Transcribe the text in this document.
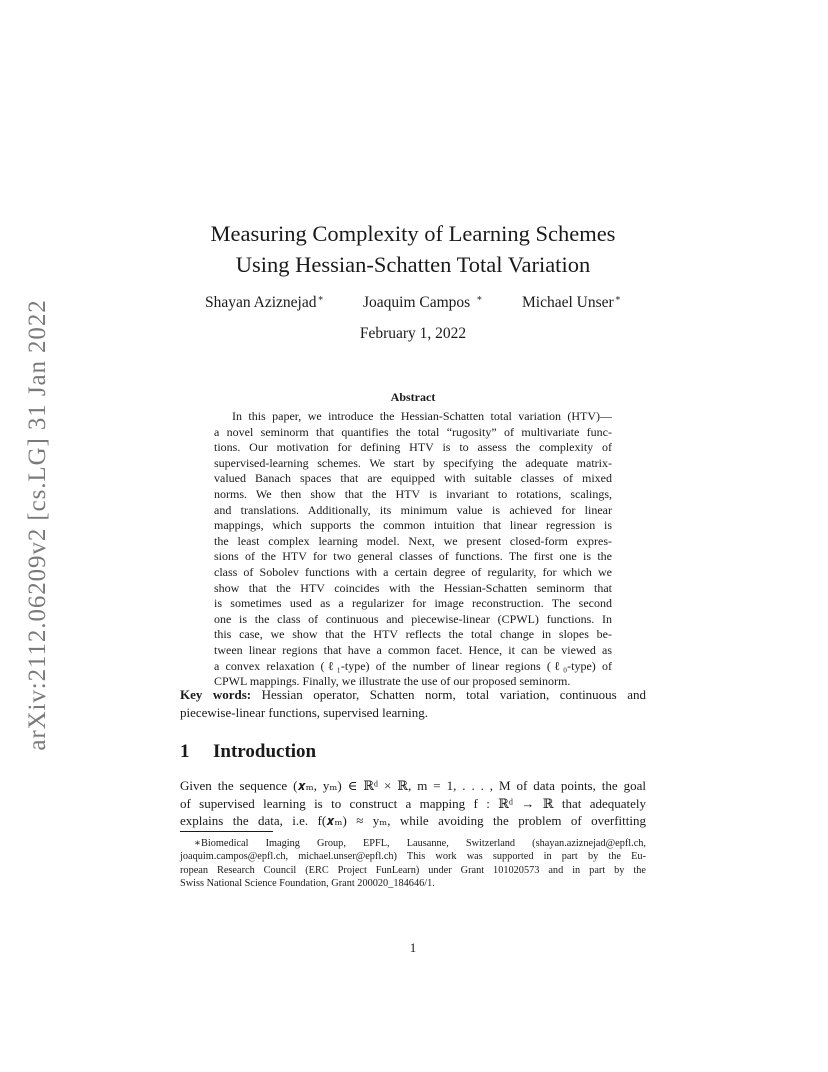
arXiv:2112.06209v2 [cs.LG] 31 Jan 2022
Measuring Complexity of Learning Schemes
Using Hessian-Schatten Total Variation
Shayan Aziznejad∗	Joaquim Campos ∗	Michael Unser∗
February 1, 2022
Abstract
In this paper, we introduce the Hessian-Schatten total variation (HTV)—
a novel seminorm that quantifies the total “rugosity” of multivariate func-
tions. Our motivation for defining HTV is to assess the complexity of
supervised-learning schemes. We start by specifying the adequate matrix-
valued Banach spaces that are equipped with suitable classes of mixed
norms. We then show that the HTV is invariant to rotations, scalings,
and translations. Additionally, its minimum value is achieved for linear
mappings, which supports the common intuition that linear regression is
the least complex learning model. Next, we present closed-form expres-
sions of the HTV for two general classes of functions. The first one is the
class of Sobolev functions with a certain degree of regularity, for which we
show that the HTV coincides with the Hessian-Schatten seminorm that
is sometimes used as a regularizer for image reconstruction. The second
one is the class of continuous and piecewise-linear (CPWL) functions. In
this case, we show that the HTV reflects the total change in slopes be-
tween linear regions that have a common facet. Hence, it can be viewed as
a convex relaxation (ℓ₁-type) of the number of linear regions (ℓ₀-type) of
CPWL mappings. Finally, we illustrate the use of our proposed seminorm.
Key words: Hessian operator, Schatten norm, total variation, continuous and
piecewise-linear functions, supervised learning.
1 Introduction
Given the sequence (𝒙ₘ, yₘ) ∈ ℝᵈ × ℝ, m = 1, . . . , M of data points, the goal
of supervised learning is to construct a mapping f : ℝᵈ → ℝ that adequately
explains the data, i.e. f(𝒙ₘ) ≈ yₘ, while avoiding the problem of overfitting
∗Biomedical Imaging Group, EPFL, Lausanne, Switzerland (shayan.aziznejad@epfl.ch,
joaquim.campos@epfl.ch, michael.unser@epfl.ch) This work was supported in part by the Eu-
ropean Research Council (ERC Project FunLearn) under Grant 101020573 and in part by the
Swiss National Science Foundation, Grant 200020_184646/1.
1
